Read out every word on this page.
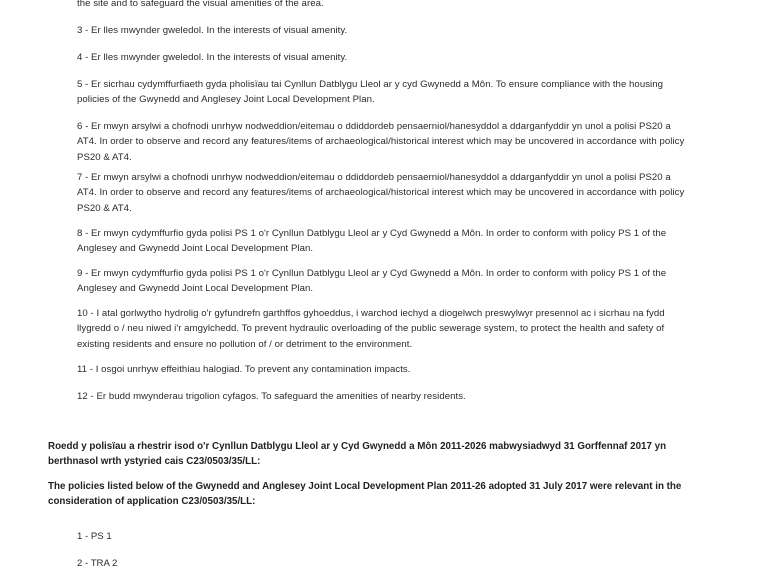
the site and to safeguard the visual amenities of the area.

3 - Er lles mwynder gweledol. In the interests of visual amenity.

4 - Er lles mwynder gweledol. In the interests of visual amenity.

5 - Er sicrhau cydymffurfiaeth gyda pholisïau tai Cynllun Datblygu Lleol ar y cyd Gwynedd a Môn. To ensure compliance with the housing policies of the Gwynedd and Anglesey Joint Local Development Plan.

6 - Er mwyn arsylwi a chofnodi unrhyw nodweddion/eitemau o ddiddordeb pensaerniol/hanesyddol a ddarganfyddir yn unol a polisi PS20 a AT4. In order to observe and record any features/items of archaeological/historical interest which may be uncovered in accordance with policy PS20 & AT4.

7 - Er mwyn arsylwi a chofnodi unrhyw nodweddion/eitemau o ddiddordeb pensaerniol/hanesyddol a ddarganfyddir yn unol a polisi PS20 a AT4. In order to observe and record any features/items of archaeological/historical interest which may be uncovered in accordance with policy PS20 & AT4.

8 - Er mwyn cydymffurfio gyda polisi PS 1 o'r Cynllun Datblygu Lleol ar y Cyd Gwynedd a Môn. In order to conform with policy PS 1 of the Anglesey and Gwynedd Joint Local Development Plan.

9 - Er mwyn cydymffurfio gyda polisi PS 1 o'r Cynllun Datblygu Lleol ar y Cyd Gwynedd a Môn. In order to conform with policy PS 1 of the Anglesey and Gwynedd Joint Local Development Plan.

10 - I atal gorlwytho hydrolig o'r gyfundrefn garthffos gyhoeddus, i warchod iechyd a diogelwch preswylwyr presennol ac i sicrhau na fydd llygredd o / neu niwed i'r amgylchedd. To prevent hydraulic overloading of the public sewerage system, to protect the health and safety of existing residents and ensure no pollution of / or detriment to the environment.

11 - I osgoi unrhyw effeithiau halogiad. To prevent any contamination impacts.

12 - Er budd mwynderau trigolion cyfagos. To safeguard the amenities of nearby residents.

Roedd y polisïau a rhestrir isod o'r Cynllun Datblygu Lleol ar y Cyd Gwynedd a Môn 2011-2026 mabwysiadwyd 31 Gorffennaf 2017 yn berthnasol wrth ystyried cais C23/0503/35/LL:

The policies listed below of the Gwynedd and Anglesey Joint Local Development Plan 2011-26 adopted 31 July 2017 were relevant in the consideration of application C23/0503/35/LL:

1 - PS 1

2 - TRA 2
